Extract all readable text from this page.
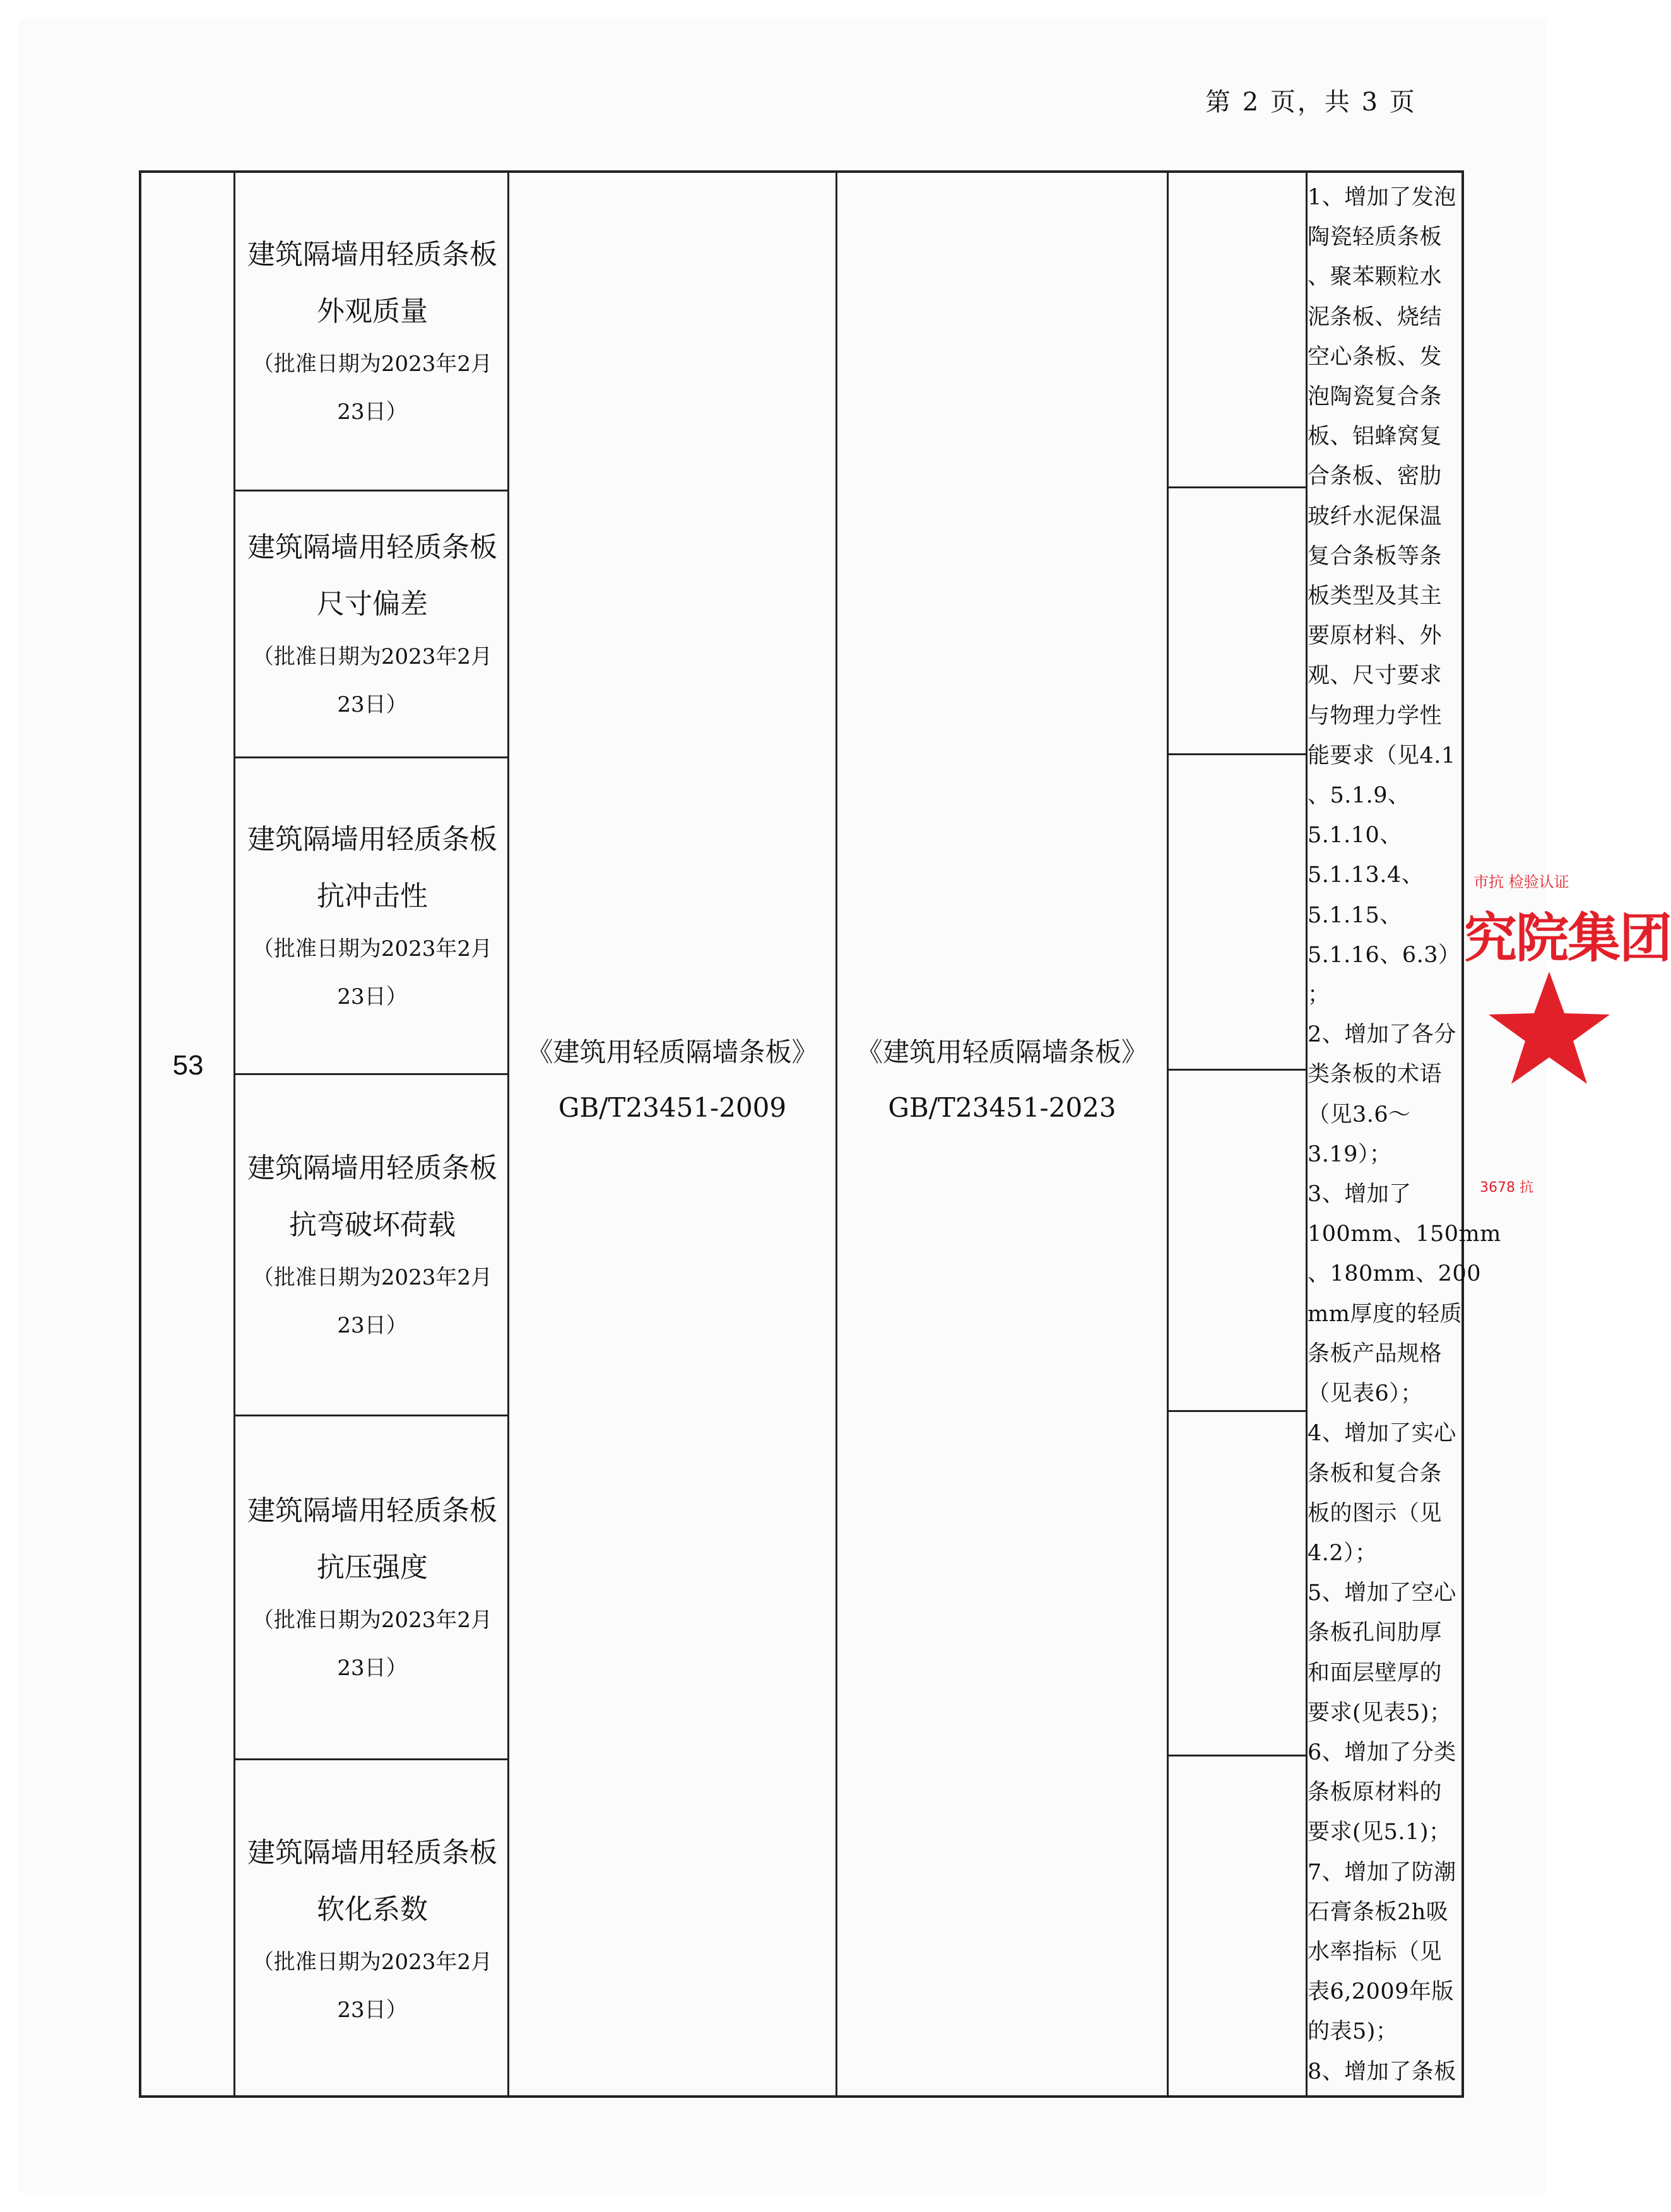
第 2 页，共 3 页
53
建筑隔墙用轻质条板
外观质量
（批准日期为2023年2月
23日）
建筑隔墙用轻质条板
尺寸偏差
（批准日期为2023年2月
23日）
建筑隔墙用轻质条板
抗冲击性
（批准日期为2023年2月
23日）
建筑隔墙用轻质条板
抗弯破坏荷载
（批准日期为2023年2月
23日）
建筑隔墙用轻质条板
抗压强度
（批准日期为2023年2月
23日）
建筑隔墙用轻质条板
软化系数
（批准日期为2023年2月
23日）
《建筑用轻质隔墙条板》
GB/T23451-2009
《建筑用轻质隔墙条板》
GB/T23451-2023
1、增加了发泡
陶瓷轻质条板
、聚苯颗粒水
泥条板、烧结
空心条板、发
泡陶瓷复合条
板、铝蜂窝复
合条板、密肋
玻纤水泥保温
复合条板等条
板类型及其主
要原材料、外
观、尺寸要求
与物理力学性
能要求（见4.1
、5.1.9、
5.1.10、
5.1.13.4、
5.1.15、
5.1.16、6.3）
；
2、增加了各分
类条板的术语
（见3.6～
3.19）；
3、增加了
100mm、150mm
、180mm、200
mm厚度的轻质
条板产品规格
（见表6）；
4、增加了实心
条板和复合条
板的图示（见
4.2）；
5、增加了空心
条板孔间肋厚
和面层壁厚的
要求(见表5)；
6、增加了分类
条板原材料的
要求(见5.1)；
7、增加了防潮
石膏条板2h吸
水率指标（见
表6,2009年版
的表5)；
8、增加了条板
市抗 检验认证
究院集团
3678 抗
